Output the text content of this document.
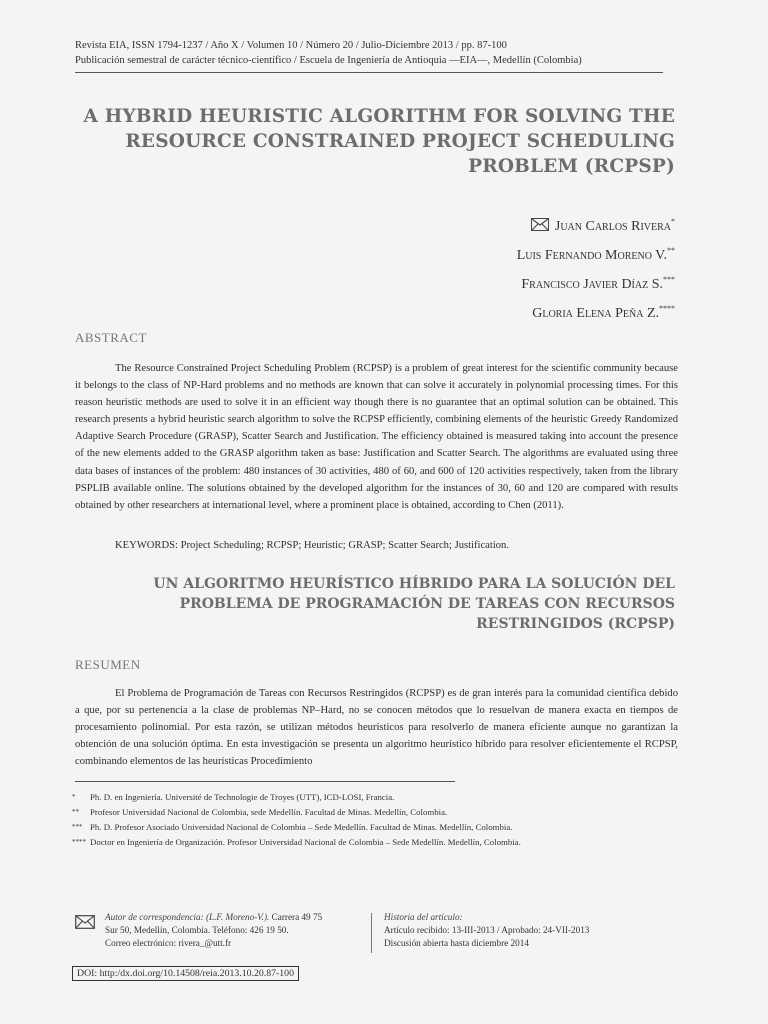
Revista EIA, ISSN 1794-1237 / Año X / Volumen 10 / Número 20 / Julio-Diciembre 2013 / pp. 87-100
Publicación semestral de carácter técnico-científico / Escuela de Ingeniería de Antioquia —EIA—, Medellín (Colombia)
A HYBRID HEURISTIC ALGORITHM FOR SOLVING THE
RESOURCE CONSTRAINED PROJECT SCHEDULING
PROBLEM (RCPSP)
Juan Carlos Rivera*
Luis Fernando Moreno V.**
Francisco Javier Díaz S.***
Gloria Elena Peña Z.****
ABSTRACT

The Resource Constrained Project Scheduling Problem (RCPSP) is a problem of great interest for the scientific community because it belongs to the class of NP-Hard problems and no methods are known that can solve it accurately in polynomial processing times. For this reason heuristic methods are used to solve it in an efficient way though there is no guarantee that an optimal solution can be obtained. This research presents a hybrid heuristic search algorithm to solve the RCPSP efficiently, combining elements of the heuristic Greedy Randomized Adaptive Search Procedure (GRASP), Scatter Search and Justification. The efficiency obtained is measured taking into account the presence of the new elements added to the GRASP algorithm taken as base: Justification and Scatter Search. The algorithms are evaluated using three data bases of instances of the problem: 480 instances of 30 activities, 480 of 60, and 600 of 120 activities respectively, taken from the library PSPLIB available online. The solutions obtained by the developed algorithm for the instances of 30, 60 and 120 are compared with results obtained by other researchers at international level, where a prominent place is obtained, according to Chen (2011).

KEYWORDS: Project Scheduling; RCPSP; Heuristic; GRASP; Scatter Search; Justification.
UN ALGORITMO HEURÍSTICO HÍBRIDO PARA LA SOLUCIÓN DEL
PROBLEMA DE PROGRAMACIÓN DE TAREAS CON RECURSOS
RESTRINGIDOS (RCPSP)
RESUMEN

El Problema de Programación de Tareas con Recursos Restringidos (RCPSP) es de gran interés para la comunidad científica debido a que, por su pertenencia a la clase de problemas NP–Hard, no se conocen métodos que lo resuelvan de manera exacta en tiempos de procesamiento polinomial. Por esta razón, se utilizan métodos heurísticos para resolverlo de manera eficiente aunque no garantizan la obtención de una solución óptima. En esta investigación se presenta un algoritmo heurístico híbrido para resolver eficientemente el RCPSP, combinando elementos de las heurísticas Procedimiento

*	Ph. D. en Ingeniería. Université de Technologie de Troyes (UTT), ICD-LOSI, Francia.
**	Profesor Universidad Nacional de Colombia, sede Medellín. Facultad de Minas. Medellín, Colombia.
*** Ph. D. Profesor Asociado Universidad Nacional de Colombia – Sede Medellín. Facultad de Minas. Medellín, Colombia.
**** Doctor en Ingeniería de Organización. Profesor Universidad Nacional de Colombia – Sede Medellín. Medellín, Colombia.
Autor de correspondencia: (L.F. Moreno-V.). Carrera 49 75
Sur 50, Medellín, Colombia. Teléfono: 426 19 50.
Correo electrónico: rivera_@utt.fr
Historia del artículo:
Artículo recibido: 13-III-2013 / Aprobado: 24-VII-2013
Discusión abierta hasta diciembre 2014
DOI: http:/dx.doi.org/10.14508/reia.2013.10.20.87-100
